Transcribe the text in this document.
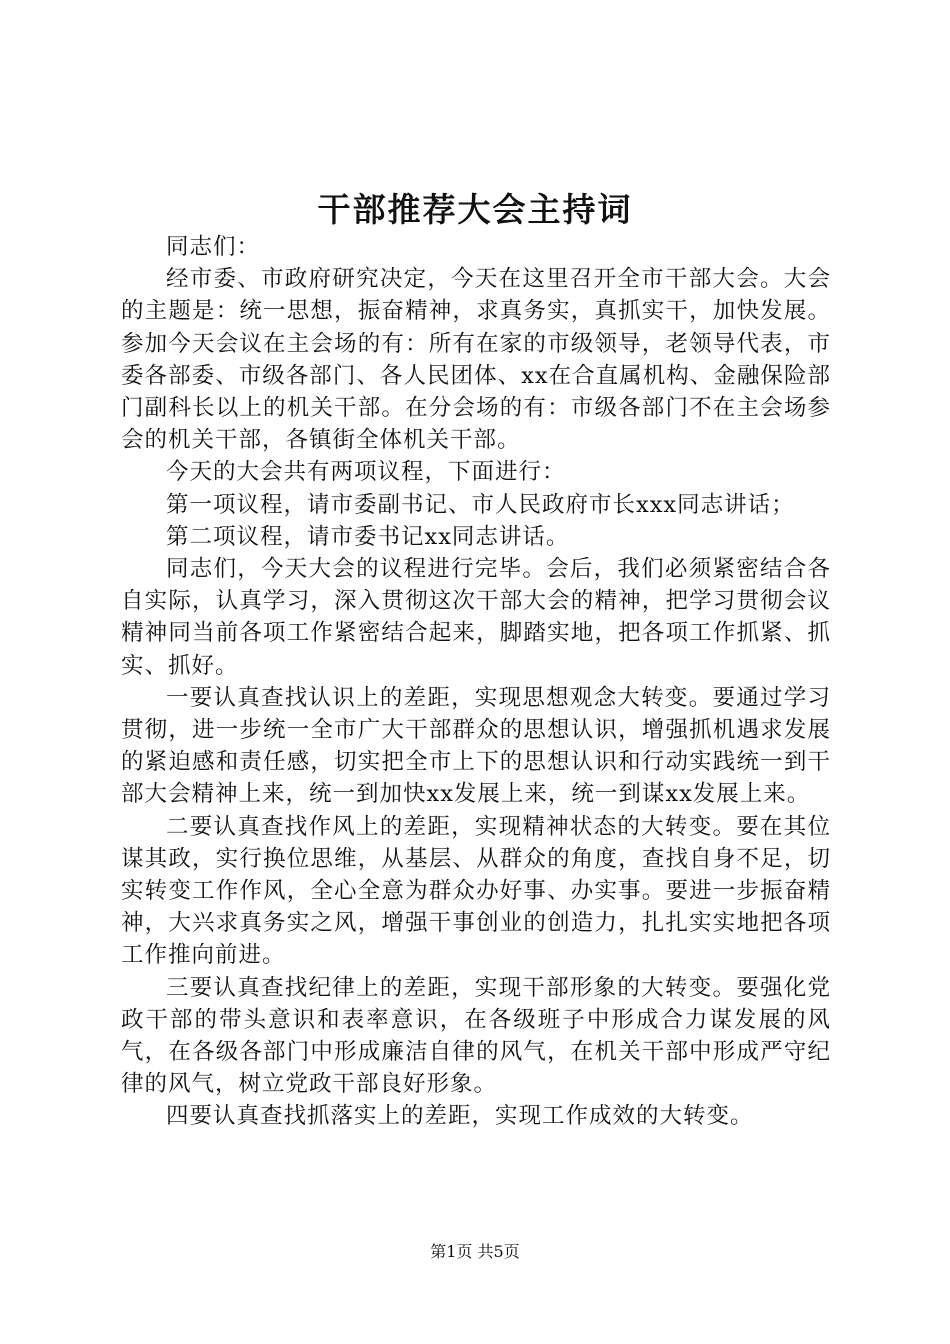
干部推荐大会主持词

同志们：

经市委、市政府研究决定，今天在这里召开全市干部大会。大会的主题是：统一思想，振奋精神，求真务实，真抓实干，加快发展。参加今天会议在主会场的有：所有在家的市级领导，老领导代表，市委各部委、市级各部门、各人民团体、xx在合直属机构、金融保险部门副科长以上的机关干部。在分会场的有：市级各部门不在主会场参会的机关干部，各镇街全体机关干部。

今天的大会共有两项议程，下面进行：

第一项议程，请市委副书记、市人民政府市长xxx同志讲话；

第二项议程，请市委书记xx同志讲话。

同志们，今天大会的议程进行完毕。会后，我们必须紧密结合各自实际，认真学习，深入贯彻这次干部大会的精神，把学习贯彻会议精神同当前各项工作紧密结合起来，脚踏实地，把各项工作抓紧、抓实、抓好。

一要认真查找认识上的差距，实现思想观念大转变。要通过学习贯彻，进一步统一全市广大干部群众的思想认识，增强抓机遇求发展的紧迫感和责任感，切实把全市上下的思想认识和行动实践统一到干部大会精神上来，统一到加快xx发展上来，统一到谋xx发展上来。

二要认真查找作风上的差距，实现精神状态的大转变。要在其位谋其政，实行换位思维，从基层、从群众的角度，查找自身不足，切实转变工作作风，全心全意为群众办好事、办实事。要进一步振奋精神，大兴求真务实之风，增强干事创业的创造力，扎扎实实地把各项工作推向前进。

三要认真查找纪律上的差距，实现干部形象的大转变。要强化党政干部的带头意识和表率意识，在各级班子中形成合力谋发展的风气，在各级各部门中形成廉洁自律的风气，在机关干部中形成严守纪律的风气，树立党政干部良好形象。

四要认真查找抓落实上的差距，实现工作成效的大转变。

第1页 共5页
